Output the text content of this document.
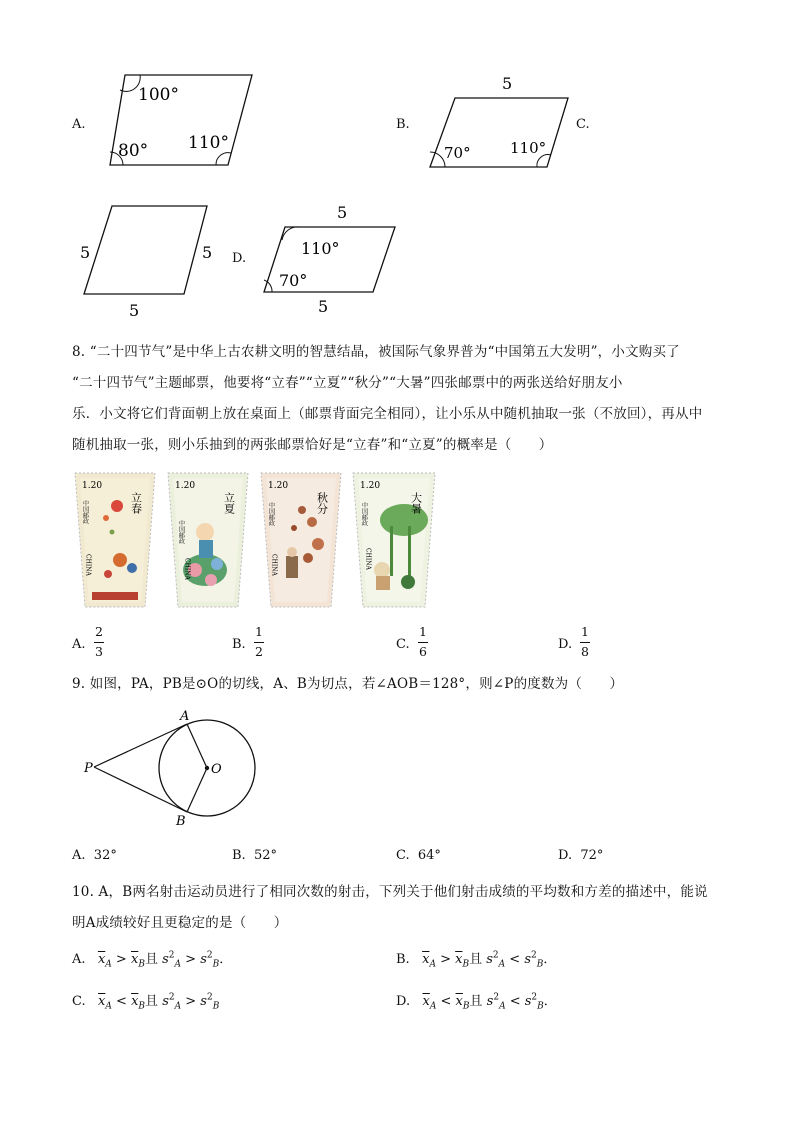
A.
100°
80° 110°
B.
5
70°	110°
C.
5	5
5
D.
5
110°
70°
5
8. “二十四节气”是中华上古农耕文明的智慧结晶，被国际气象界普为“中国第五大发明”，小文购买了
“二十四节气”主题邮票，他要将“立春”“立夏”“秋分”“大暑”四张邮票中的两张送给好朋友小
乐．小文将它们背面朝上放在桌面上（邮票背面完全相同），让小乐从中随机抽取一张（不放回），再从中
随机抽取一张，则小乐抽到的两张邮票恰好是“立春”和“立夏”的概率是（　　）
1.20
立春
中国邮政
CHINA
1.20
立夏
中国邮政
CHINA
1.20
秋分
中国邮政
CHINA
1.20
大暑
中国邮政
CHINA
A.
2
3	B.
1
2	C.
1
6	D.
1
8
9. 如图，PA，PB是⊙O的切线，A、B为切点，若∠AOB＝128°，则∠P的度数为（　　）
A
B
P	O
A. 32°	B. 52°	C. 64°	D. 72°
10. A，B两名射击运动员进行了相同次数的射击，下列关于他们射击成绩的平均数和方差的描述中，能说
明A成绩较好且更稳定的是（　　）
A. $\overline{x}_A > \overline{x}_B$且 $s^2_A > s^2_B$．	B. $\overline{x}_A > \overline{x}_B$且 $s^2_A < s^2_B$．
C. $\overline{x}_A < \overline{x}_B$且 $s^2_A > s^2_B$	D. $\overline{x}_A < \overline{x}_B$且 $s^2_A < s^2_B$．
